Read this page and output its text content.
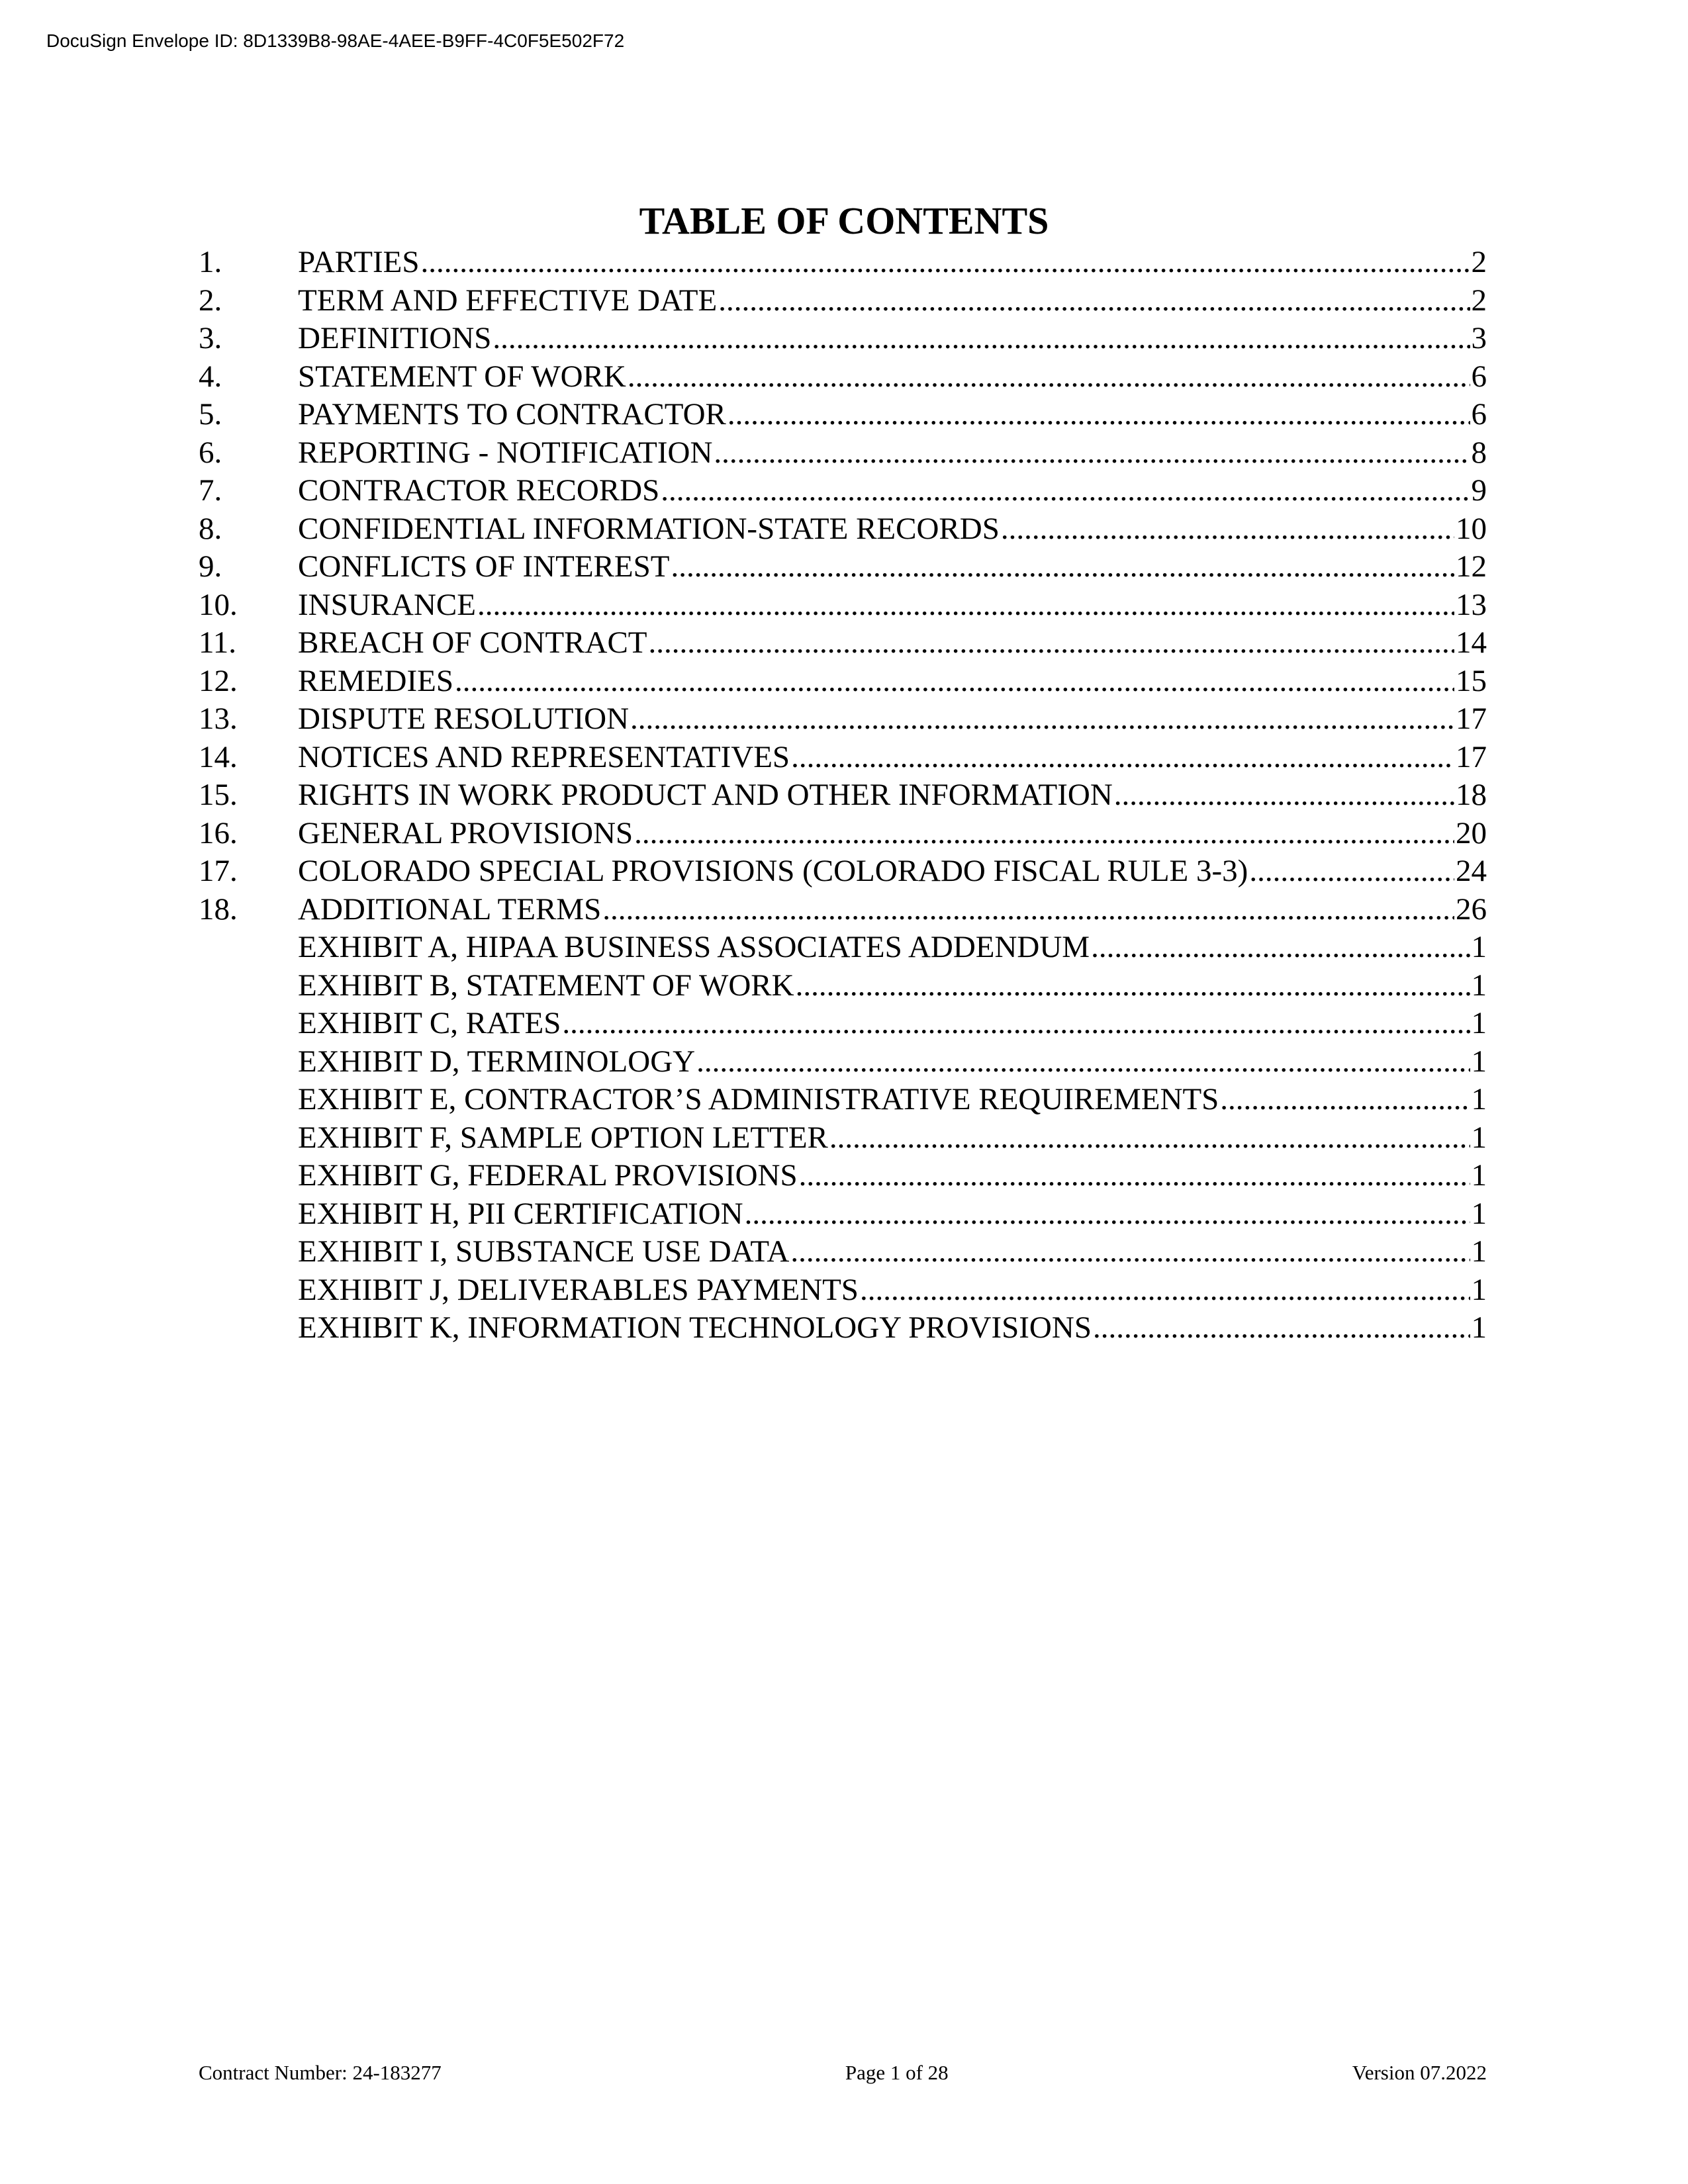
DocuSign Envelope ID: 8D1339B8-98AE-4AEE-B9FF-4C0F5E502F72
TABLE OF CONTENTS
1.	PARTIES .....	2
2.	TERM AND EFFECTIVE DATE .....	2
3.	DEFINITIONS .....	3
4.	STATEMENT OF WORK .....	6
5.	PAYMENTS TO CONTRACTOR .....	6
6.	REPORTING - NOTIFICATION .....	8
7.	CONTRACTOR RECORDS .....	9
8.	CONFIDENTIAL INFORMATION-STATE RECORDS .....	10
9.	CONFLICTS OF INTEREST .....	12
10.	INSURANCE .....	13
11.	BREACH OF CONTRACT .....	14
12.	REMEDIES .....	15
13.	DISPUTE RESOLUTION .....	17
14.	NOTICES AND REPRESENTATIVES .....	17
15.	RIGHTS IN WORK PRODUCT AND OTHER INFORMATION .....	18
16.	GENERAL PROVISIONS .....	20
17.	COLORADO SPECIAL PROVISIONS (COLORADO FISCAL RULE 3-3) .....	24
18.	ADDITIONAL TERMS .....	26
EXHIBIT A, HIPAA BUSINESS ASSOCIATES ADDENDUM .....	1
EXHIBIT B, STATEMENT OF WORK .....	1
EXHIBIT C, RATES .....	1
EXHIBIT D, TERMINOLOGY .....	1
EXHIBIT E, CONTRACTOR’S ADMINISTRATIVE REQUIREMENTS .....	1
EXHIBIT F, SAMPLE OPTION LETTER .....	1
EXHIBIT G, FEDERAL PROVISIONS .....	1
EXHIBIT H, PII CERTIFICATION .....	1
EXHIBIT I, SUBSTANCE USE DATA .....	1
EXHIBIT J, DELIVERABLES PAYMENTS .....	1
EXHIBIT K, INFORMATION TECHNOLOGY PROVISIONS .....	1
Contract Number: 24-183277	Page 1 of 28	Version 07.2022
